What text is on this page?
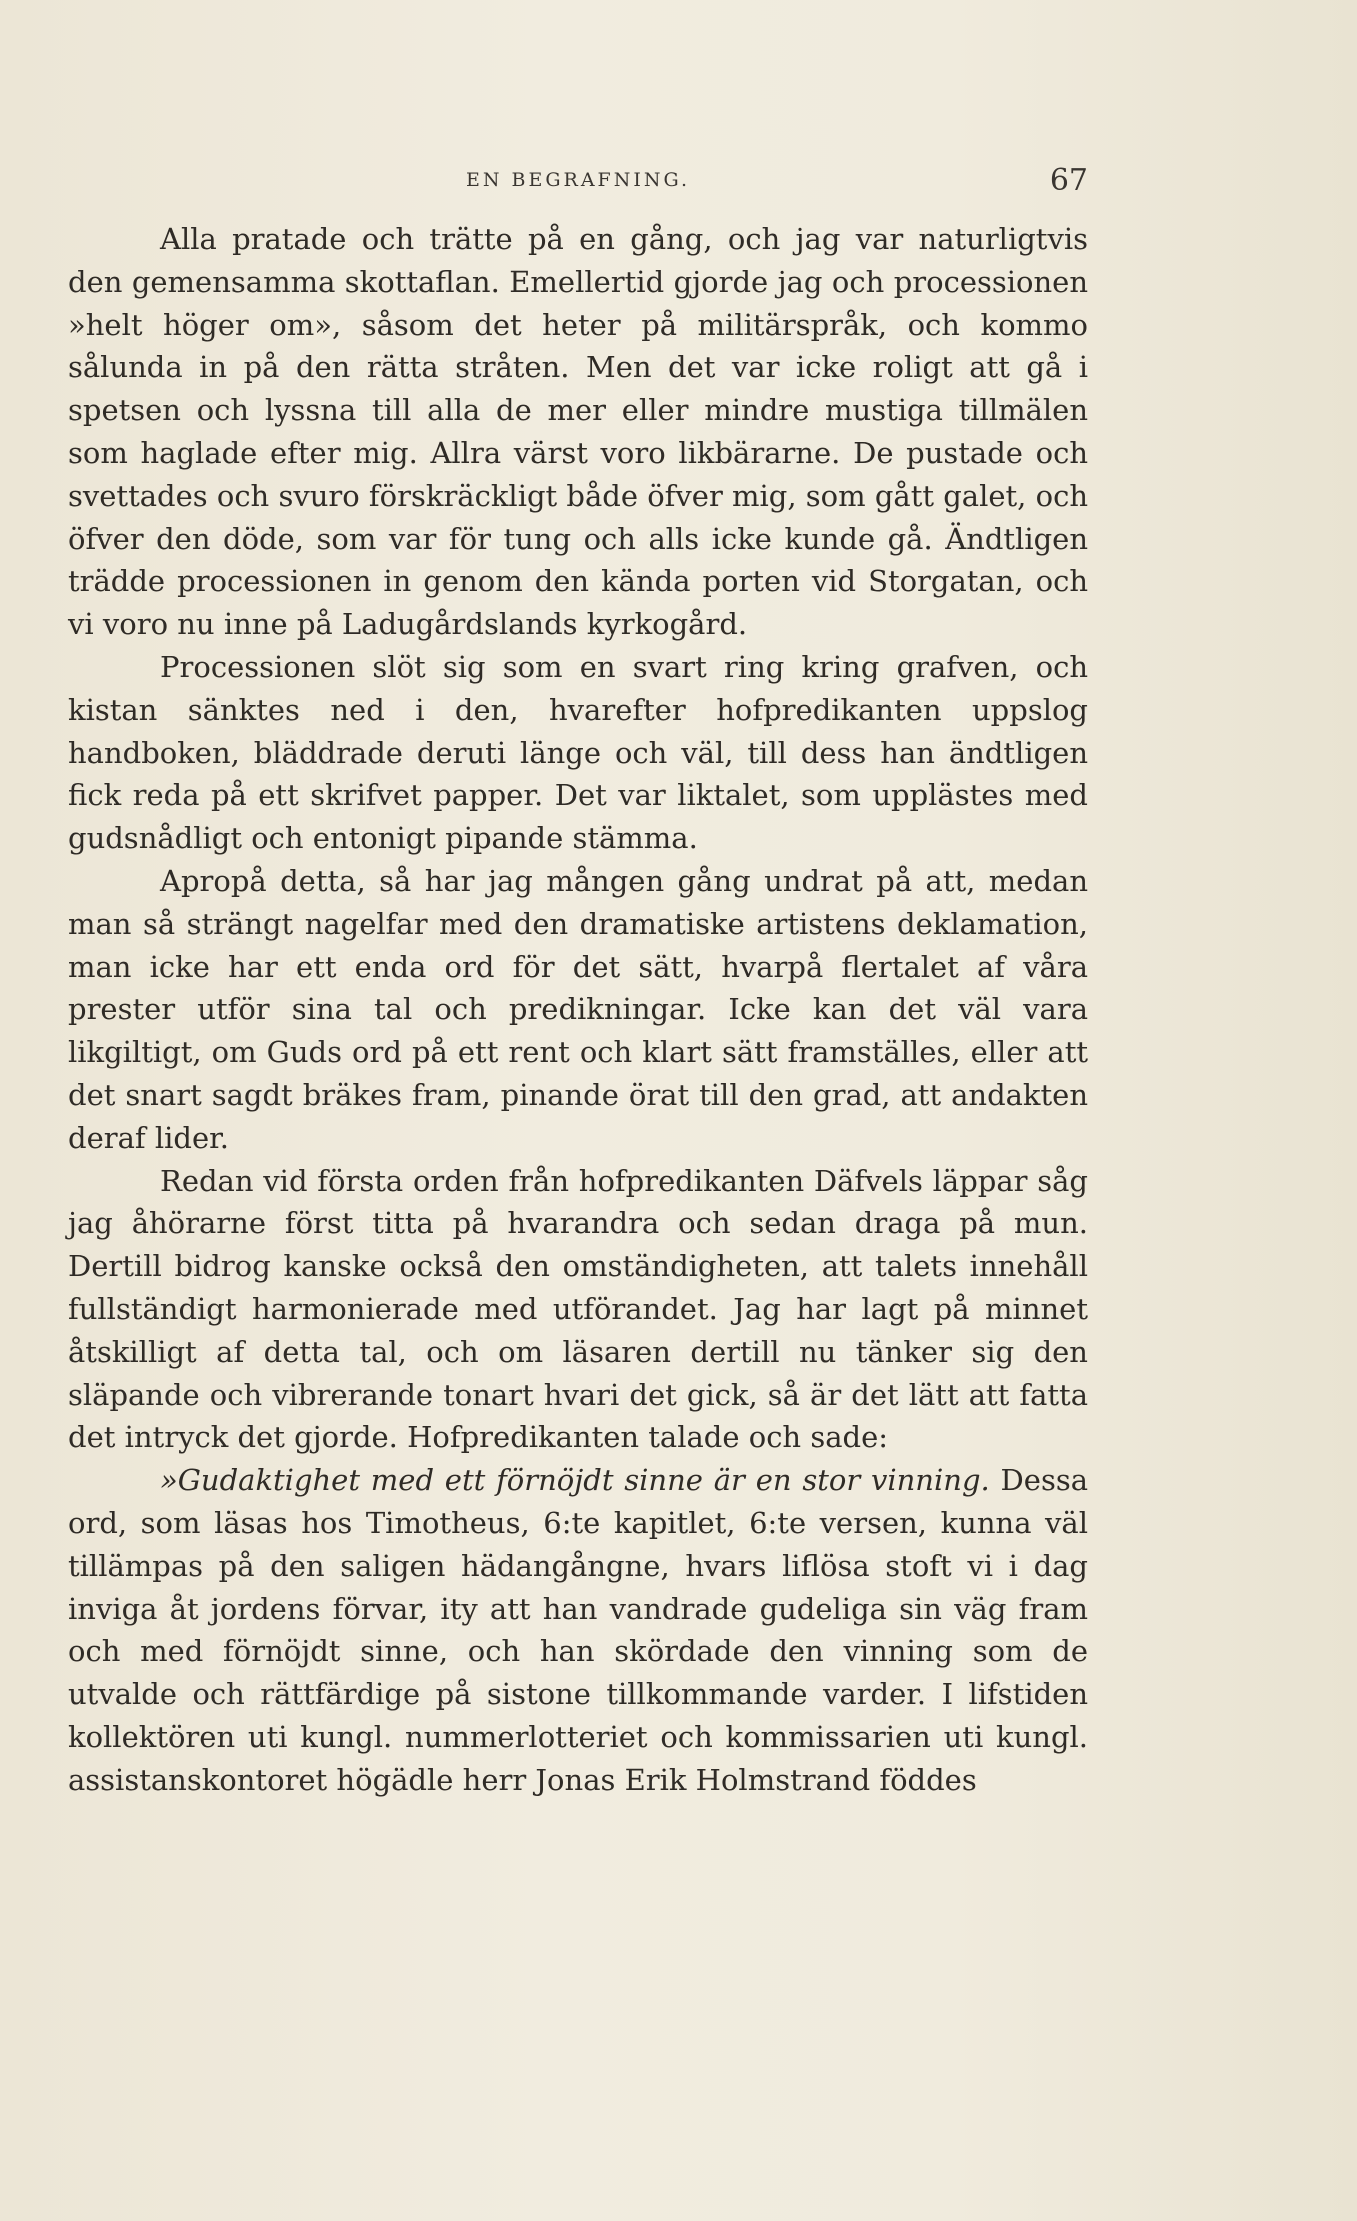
EN BEGRAFNING.	67

Alla pratade och trätte på en gång, och jag var naturligtvis den gemensamma skottaflan. Emellertid gjorde jag och processionen »helt höger om», såsom det heter på militärspråk, och kommo sålunda in på den rätta stråten. Men det var icke roligt att gå i spetsen och lyssna till alla de mer eller mindre mustiga tillmälen som haglade efter mig. Allra värst voro likbärarne. De pustade och svettades och svuro förskräckligt både öfver mig, som gått galet, och öfver den döde, som var för tung och alls icke kunde gå. Ändtligen trädde processionen in genom den kända porten vid Storgatan, och vi voro nu inne på Ladugårdslands kyrkogård.

Processionen slöt sig som en svart ring kring grafven, och kistan sänktes ned i den, hvarefter hofpredikanten uppslog handboken, bläddrade deruti länge och väl, till dess han ändtligen fick reda på ett skrifvet papper. Det var liktalet, som upplästes med gudsnådligt och entonigt pipande stämma.

Apropå detta, så har jag mången gång undrat på att, medan man så strängt nagelfar med den dramatiske artistens deklamation, man icke har ett enda ord för det sätt, hvarpå flertalet af våra prester utför sina tal och predikningar. Icke kan det väl vara likgiltigt, om Guds ord på ett rent och klart sätt framställes, eller att det snart sagdt bräkes fram, pinande örat till den grad, att andakten deraf lider.

Redan vid första orden från hofpredikanten Däfvels läppar såg jag åhörarne först titta på hvarandra och sedan draga på mun. Dertill bidrog kanske också den omständigheten, att talets innehåll fullständigt harmonierade med utförandet. Jag har lagt på minnet åtskilligt af detta tal, och om läsaren dertill nu tänker sig den släpande och vibrerande tonart hvari det gick, så är det lätt att fatta det intryck det gjorde. Hofpredikanten talade och sade:

»Gudaktighet med ett förnöjdt sinne är en stor vinning. Dessa ord, som läsas hos Timotheus, 6:te kapitlet, 6:te versen, kunna väl tillämpas på den saligen hädangångne, hvars liflösa stoft vi i dag inviga åt jordens förvar, ity att han vandrade gudeliga sin väg fram och med förnöjdt sinne, och han skördade den vinning som de utvalde och rättfärdige på sistone tillkommande varder. I lifstiden kollektören uti kungl. nummerlotteriet och kommissarien uti kungl. assistanskontoret högädle herr Jonas Erik Holmstrand föddes
